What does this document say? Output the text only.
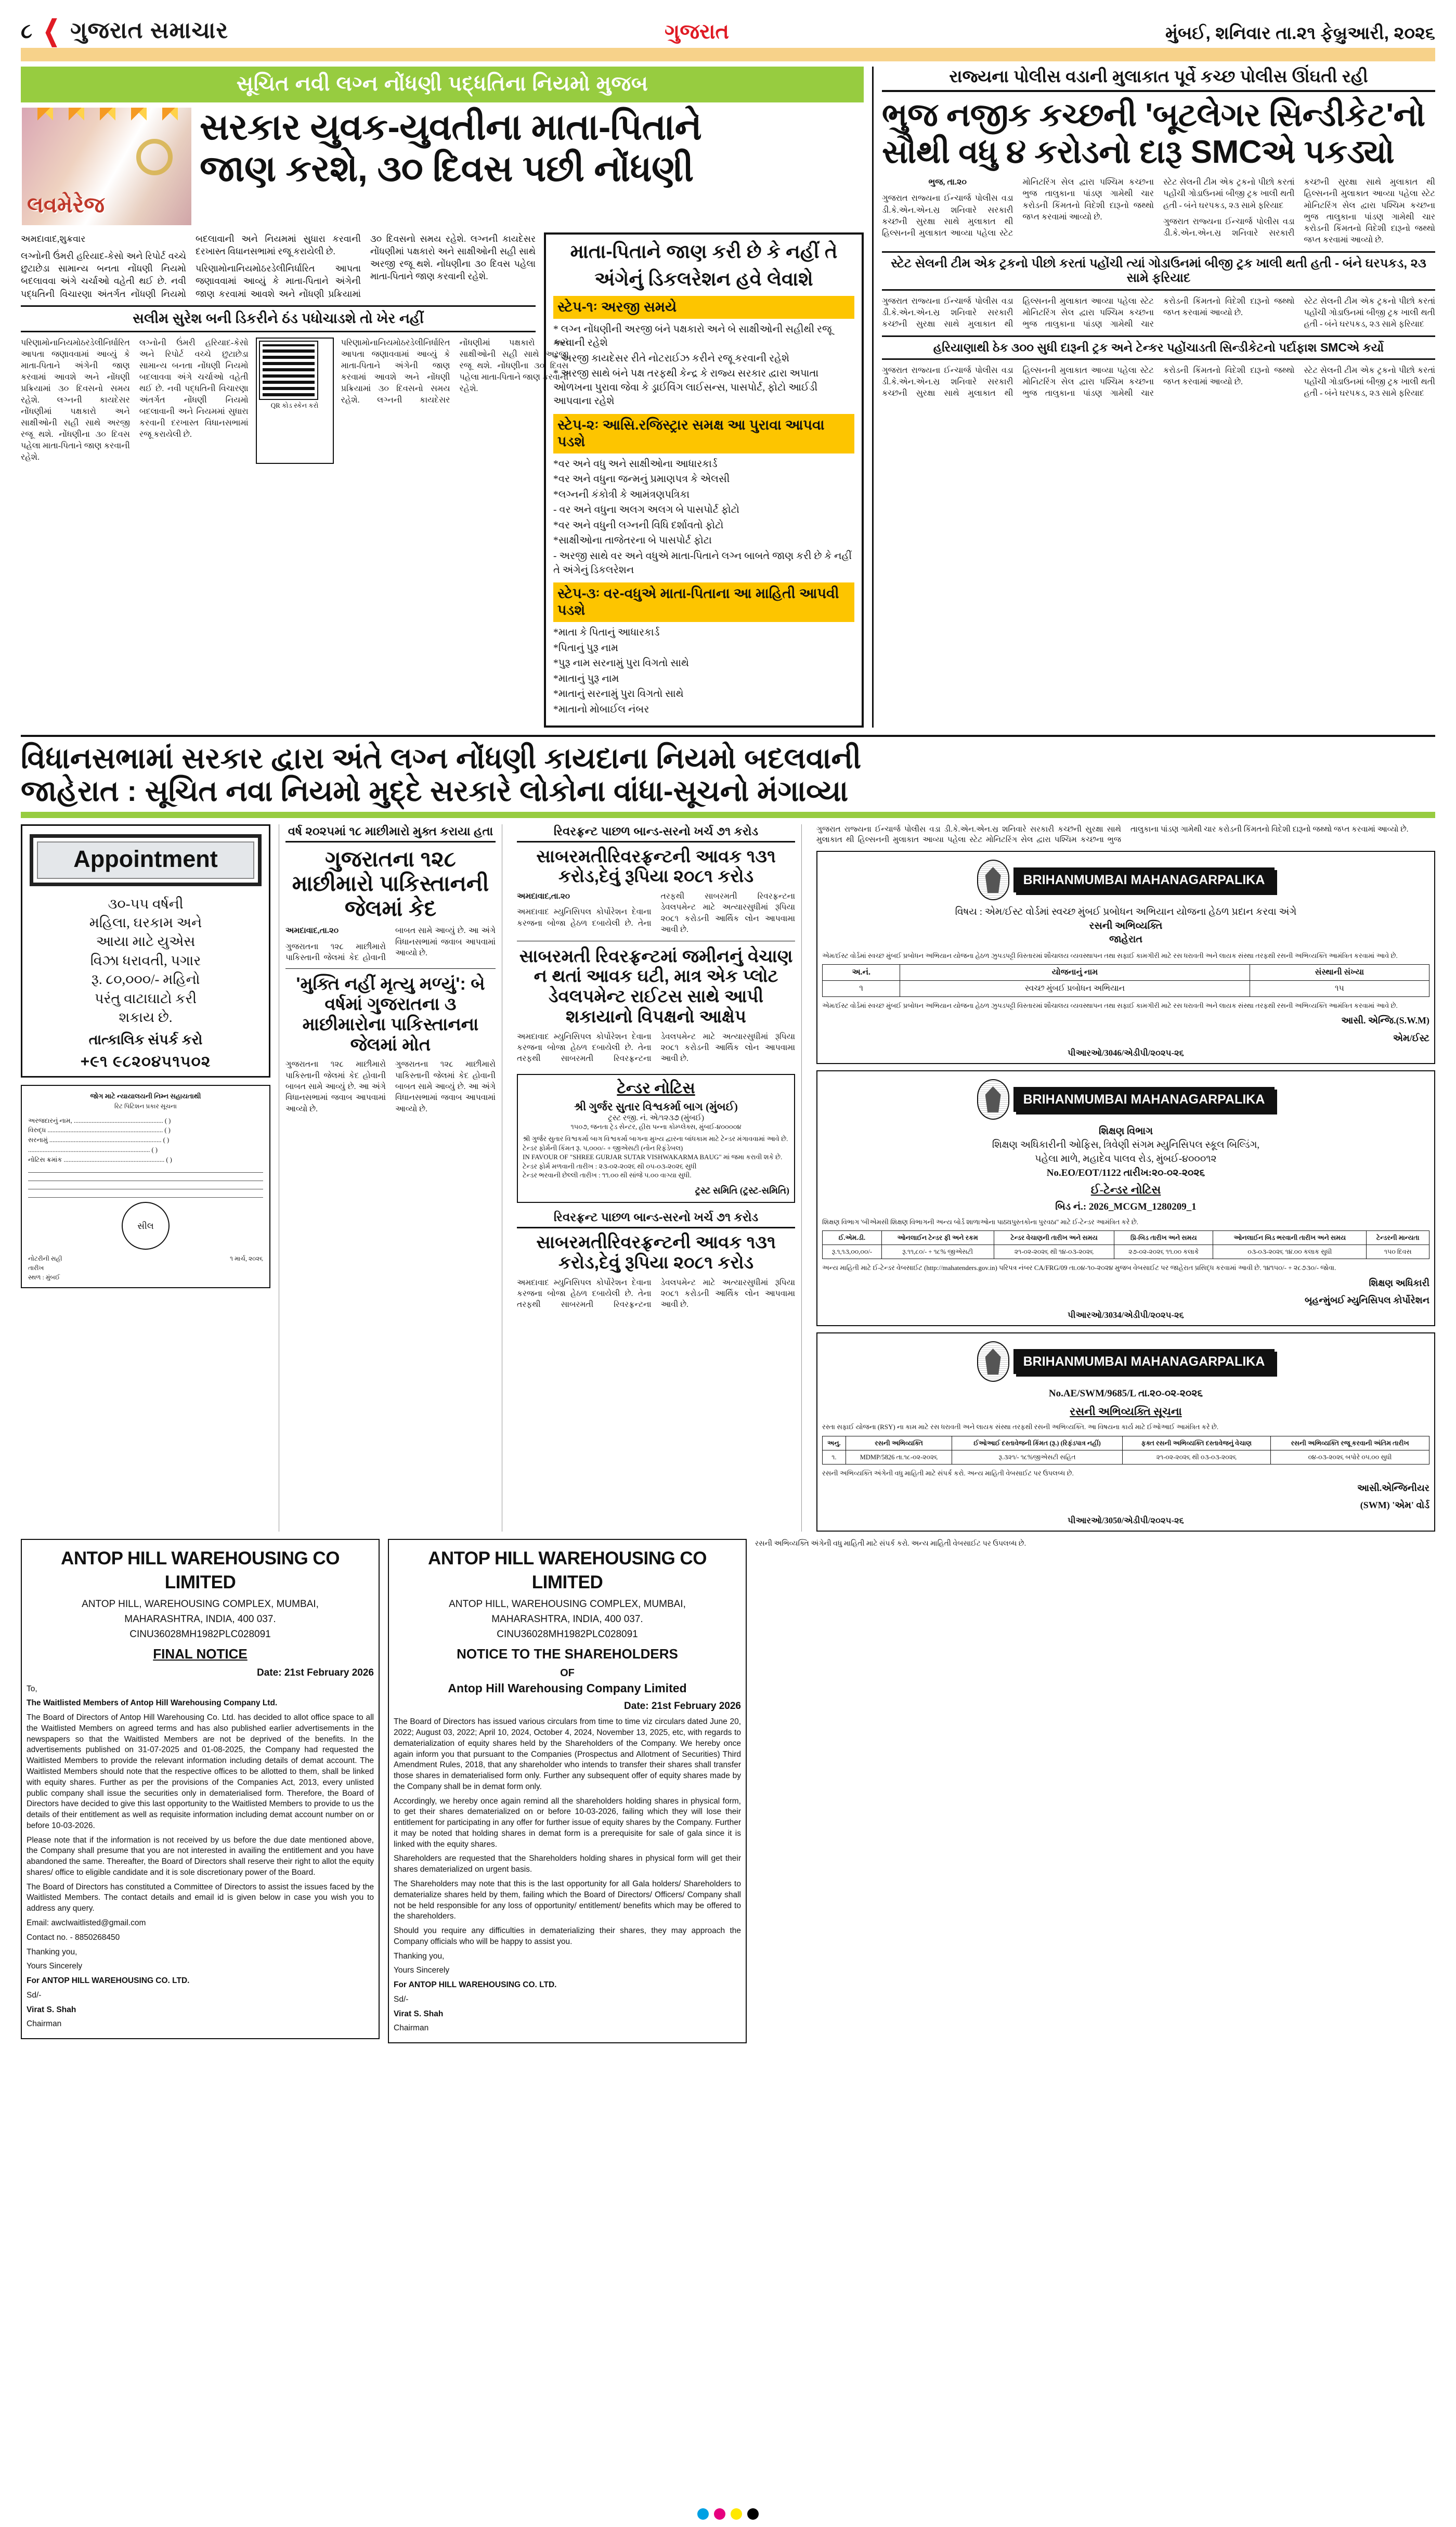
૮ ❮ ગુજરાત સમાચાર	ગુજરાત	મુંબઈ, શનિવાર તા.૨૧ ફેબ્રુઆરી, ૨૦૨૬
સૂચિત નવી લગ્ન નોંધણી પદ્ધતિના નિયમો મુજબ
લવમેરેજ
સરકાર યુવક-યુવતીના માતા-પિતાને
જાણ કરશે, ૩૦ દિવસ પછી નોંધણી

અમદાવાદ,શુક્રવાર

લગ્નોની ઉંમરી હરિયાદ-કેસો અને રિપોર્ટ વચ્ચે છુટાછેડા સામાન્ય બનતા નોંધણી નિયમો બદલાવવા અંગે ચર્ચાઓ વહેતી થઈ છે. નવી પદ્ધતિની વિચારણા અંતર્ગત નોંધણી નિયમો બદલાવાની અને નિયમમાં સુધારા કરવાની દરખાસ્ત વિધાનસભામાં રજૂ કરાયેલી છે.

પરિણામોનાનિયમોઠરડેલીનિર્ધારિત આપતા જણાવવામાં આવ્યું કે માતા-પિતાને અંગેની જાણ કરવામાં આવશે અને નોંધણી પ્રક્રિયામાં ૩૦ દિવસનો સમય રહેશે. લગ્નની કાયદેસર નોંધણીમાં પક્ષકારો અને સાક્ષીઓની સહી સાથે અરજી રજૂ થશે. નોંધણીના ૩૦ દિવસ પહેલા માતા-પિતાને જાણ કરવાની રહેશે.

સલીમ સુરેશ બની ડિકરીને ઠંડ પધોચાડશે તો ખેર નહીં

પરિણામોનાનિયમોઠરડેલીનિર્ધારિત આપતા જણાવવામાં આવ્યું કે માતા-પિતાને અંગેની જાણ કરવામાં આવશે અને નોંધણી પ્રક્રિયામાં ૩૦ દિવસનો સમય રહેશે. લગ્નની કાયદેસર નોંધણીમાં પક્ષકારો અને સાક્ષીઓની સહી સાથે અરજી રજૂ થશે. નોંધણીના ૩૦ દિવસ પહેલા માતા-પિતાને જાણ કરવાની રહેશે.

લગ્નોની ઉંમરી હરિયાદ-કેસો અને રિપોર્ટ વચ્ચે છુટાછેડા સામાન્ય બનતા નોંધણી નિયમો બદલાવવા અંગે ચર્ચાઓ વહેતી થઈ છે. નવી પદ્ધતિની વિચારણા અંતર્ગત નોંધણી નિયમો બદલાવાની અને નિયમમાં સુધારા કરવાની દરખાસ્ત વિધાનસભામાં રજૂ કરાયેલી છે.

QR કોડ સ્કેન કરો

પરિણામોનાનિયમોઠરડેલીનિર્ધારિત આપતા જણાવવામાં આવ્યું કે માતા-પિતાને અંગેની જાણ કરવામાં આવશે અને નોંધણી પ્રક્રિયામાં ૩૦ દિવસનો સમય રહેશે. લગ્નની કાયદેસર નોંધણીમાં પક્ષકારો અને સાક્ષીઓની સહી સાથે અરજી રજૂ થશે. નોંધણીના ૩૦ દિવસ પહેલા માતા-પિતાને જાણ કરવાની રહેશે.

માતા-પિતાને જાણ કરી છે કે નહીં તે
અંગેનું ડિકલરેશન હવે લેવાશે
સ્ટેપ-૧ઃ અરજી સમયે
* લગ્ન નોંધણીની અરજી બંને પક્ષકારો અને બે સાક્ષીઓની સહીથી રજૂ કરવાની રહેશે
* અરજી કાયદેસર રીતે નોટરાઈઝ કરીને રજૂ કરવાની રહેશે
* અરજી સાથે બંને પક્ષ તરફથી કેન્દ્ર કે રાજ્ય સરકાર દ્વારા અપાતા ઓળખના પુરાવા જેવા કે ડ્રાઈવિંગ લાઈસન્સ, પાસપોર્ટ, ફોટો આઈડી આપવાના રહેશે
સ્ટેપ-૨ઃ આસિ.રજિસ્ટ્રાર સમક્ષ આ પુરાવા આપવા પડશે
*વર અને વધુ અને સાક્ષીઓના આધારકાર્ડ
*વર અને વધુના જન્મનું પ્રમાણપત્ર કે એલસી
*લગ્નની કંકોત્રી કે આમંત્રણપત્રિકા
- વર અને વધુના અલગ અલગ બે પાસપોર્ટ ફોટો
*વર અને વધુની લગ્નની વિધિ દર્શાવતો ફોટો
*સાક્ષીઓના તાજેતરના બે પાસપોર્ટ ફોટા
- અરજી સાથે વર અને વધુએ માતા-પિતાને લગ્ન બાબતે જાણ કરી છે કે નહીં તે અંગેનું ડિકલરેશન
સ્ટેપ-૩ઃ વર-વધુએ માતા-પિતાના આ માહિતી આપવી પડશે
*માતા કે પિતાનું આધારકાર્ડ
*પિતાનું પુરૂ નામ
*પુરૂ નામ સરનામું પુરા વિગતો સાથે
*માતાનું પુરૂ નામ
*માતાનું સરનામું પુરા વિગતો સાથે
*માતાનો મોબાઈલ નંબર
રાજ્યના પોલીસ વડાની મુલાકાત પૂર્વે કચ્છ પોલીસ ઊંઘતી રહી
ભુજ નજીક કચ્છની 'બૂટલેગર સિન્ડીકેટ'નો
સૌથી વધુ ૪ કરોડનો દારૂ SMCએ પકડ્યો

ભુજ, તા.૨૦

ગુજરાત રાજ્યના ઈન્ચાર્જ પોલીસ વડા ડી.કે.એન.એન.સ્ર શનિવારે સરકારી કચ્છની સુરક્ષા સાથે મુલાકાત થી હિલ્સનની મુલાકાત આવ્યા પહેલા સ્ટેટ મોનિટરિંગ સેલ દ્વારા પશ્ચિમ કચ્છના ભુજ તાલુકાના પાંડણ ગામેથી ચાર કરોડની કિંમતનો વિદેશી દારૂનો જથ્થો જપ્ત કરવામાં આવ્યો છે.

સ્ટેટ સેલની ટીમ એક ટ્રકનો પીછો કરતાં પહોંચી ગોડાઉનમાં બીજી ટ્રક ખાલી થતી હતી - બંને ઘરપકડ, ૨૩ સામે ફરિયાદ

ગુજરાત રાજ્યના ઈન્ચાર્જ પોલીસ વડા ડી.કે.એન.એન.સ્ર શનિવારે સરકારી કચ્છની સુરક્ષા સાથે મુલાકાત થી હિલ્સનની મુલાકાત આવ્યા પહેલા સ્ટેટ મોનિટરિંગ સેલ દ્વારા પશ્ચિમ કચ્છના ભુજ તાલુકાના પાંડણ ગામેથી ચાર કરોડની કિંમતનો વિદેશી દારૂનો જથ્થો જપ્ત કરવામાં આવ્યો છે.

સ્ટેટ સેલની ટીમ એક ટ્રકનો પીછો કરતાં પહોંચી ત્યાં ગોડાઉનમાં બીજી ટ્રક ખાલી થતી હતી - બંને ઘરપકડ, ૨૩ સામે ફરિયાદ

ગુજરાત રાજ્યના ઈન્ચાર્જ પોલીસ વડા ડી.કે.એન.એન.સ્ર શનિવારે સરકારી કચ્છની સુરક્ષા સાથે મુલાકાત થી હિલ્સનની મુલાકાત આવ્યા પહેલા સ્ટેટ મોનિટરિંગ સેલ દ્વારા પશ્ચિમ કચ્છના ભુજ તાલુકાના પાંડણ ગામેથી ચાર કરોડની કિંમતનો વિદેશી દારૂનો જથ્થો જપ્ત કરવામાં આવ્યો છે.

સ્ટેટ સેલની ટીમ એક ટ્રકનો પીછો કરતાં પહોંચી ગોડાઉનમાં બીજી ટ્રક ખાલી થતી હતી - બંને ઘરપકડ, ૨૩ સામે ફરિયાદ

હરિયાણાથી ઠેક ૩૦૦ સુધી દારૂની ટ્રક અને ટેન્કર પહોંચાડતી સિન્ડીકેટનો પર્દાફાશ SMCએ કર્યો

ગુજરાત રાજ્યના ઈન્ચાર્જ પોલીસ વડા ડી.કે.એન.એન.સ્ર શનિવારે સરકારી કચ્છની સુરક્ષા સાથે મુલાકાત થી હિલ્સનની મુલાકાત આવ્યા પહેલા સ્ટેટ મોનિટરિંગ સેલ દ્વારા પશ્ચિમ કચ્છના ભુજ તાલુકાના પાંડણ ગામેથી ચાર કરોડની કિંમતનો વિદેશી દારૂનો જથ્થો જપ્ત કરવામાં આવ્યો છે.

સ્ટેટ સેલની ટીમ એક ટ્રકનો પીછો કરતાં પહોંચી ગોડાઉનમાં બીજી ટ્રક ખાલી થતી હતી - બંને ઘરપકડ, ૨૩ સામે ફરિયાદ

વિધાનસભામાં સરકાર દ્વારા અંતે લગ્ન નોંધણી કાયદાના નિયમો બદલવાની
જાહેરાત : સૂચિત નવા નિયમો મુદ્દે સરકારે લોકોના વાંધા-સૂચનો મંગાવ્યા
Appointment
૩૦-૫૫ વર્ષની
મહિલા, ઘરકામ અને
આયા માટે યુએસ
વિઝા ધરાવતી, પગાર
રૂ. ૮૦,૦૦૦/- મહિનો
પરંતુ વાટાઘાટો કરી
શકાય છે.
તાત્કાલિક સંપર્ક કરો
+૯૧ ૯૮૨૦૪૫૧૫૦૨
જોગ માટે ન્યાયાલયની નિમ્ન સહાયતાથી
રિટ પિટિશન પ્રકાર સૂચના
અરજદારનું નામ, ....................................................... ( )
વિરુદ્ધ ....................................................................... ( )
સરનામું ..................................................................... ( )
........................................................................... ( )
નોટિસ ક્રમાંક .............................................................. ( )
સીલ
નોટરીની સહી	૧ માર્ચ, ૨૦૨૬
તારીખ
સ્થળ : મુંબઈ
વર્ષ ૨૦૨૫માં ૧૮ માછીમારો મુક્ત કરાયા હતા
ગુજરાતના ૧૨૮ માછીમારો પાકિસ્તાનની જેલમાં કેદ

અમદાવાદ,તા.૨૦

ગુજરાતના ૧૨૮ માછીમારો પાકિસ્તાની જેલમાં કેદ હોવાની બાબત સામે આવ્યું છે. આ અંગે વિધાનસભામાં જવાબ આપવામાં આવ્યો છે.

'મુક્તિ નહીં મૃત્યુ મળ્યું': બે વર્ષમાં ગુજરાતના ૩ માછીમારોના પાકિસ્તાનના જેલમાં મોત

ગુજરાતના ૧૨૮ માછીમારો પાકિસ્તાની જેલમાં કેદ હોવાની બાબત સામે આવ્યું છે. આ અંગે વિધાનસભામાં જવાબ આપવામાં આવ્યો છે.

ગુજરાતના ૧૨૮ માછીમારો પાકિસ્તાની જેલમાં કેદ હોવાની બાબત સામે આવ્યું છે. આ અંગે વિધાનસભામાં જવાબ આપવામાં આવ્યો છે.

રિવરફ્રન્ટ પાછળ બાન્ડ-સરનો ખર્ચ ૭૧ કરોડ
સાબરમતીરિવરફ્રન્ટની આવક ૧૩૧ કરોડ,દેવું રૂપિયા ૨૦૮૧ કરોડ

અમદાવાદ,તા.૨૦

અમદાવાદ મ્યુનિસિપલ કોર્પોરેશન દેવાના કરજના બોજા હેઠળ દબાયેલી છે. તેના તરફથી સાબરમતી રિવરફ્રન્ટના ડેવલપમેન્ટ માટે અત્યારસુધીમાં રૂપિયા ૨૦૮૧ કરોડની આર્થિક લોન આપવામા આવી છે.

સાબરમતી રિવરફ્રન્ટમાં જમીનનું વેચાણ ન થતાં આવક ઘટી, માત્ર એક પ્લોટ ડેવલપમેન્ટ રાઈટસ સાથે આપી શકાયાનો વિપક્ષનો આક્ષેપ

અમદાવાદ મ્યુનિસિપલ કોર્પોરેશન દેવાના કરજના બોજા હેઠળ દબાયેલી છે. તેના તરફથી સાબરમતી રિવરફ્રન્ટના ડેવલપમેન્ટ માટે અત્યારસુધીમાં રૂપિયા ૨૦૮૧ કરોડની આર્થિક લોન આપવામા આવી છે.

ટેન્ડર નોટિસ
શ્રી ગુર્જર સુતાર વિશ્વકર્મા બાગ (મુંબઈ)
ટ્રસ્ટ રજી. નં. એ/૧૨૩૭ (મુંબઈ)
૧૫૦૭, જનતા ટ્રેડ સેન્ટર, હીરા પન્ના કોમ્પ્લેક્સ, મુંબઈ-૪૦૦૦૦૪
શ્રી ગુર્જર સુતાર વિશ્વકર્મા બાગ વિશ્વકર્મા બાગના મુખ્ય દ્વારના બાંધકામ માટે ટેન્ડર મંગાવવામાં આવે છે.
ટેન્ડર ફોર્મની કિંમત રૂ. ૫,૦૦૦/- + જીએસટી (નોન રિફંડેબલ)
IN FAVOUR OF "SHREE GURJAR SUTAR VISHWAKARMA BAUG" માં જમા કરાવી શકે છે.
ટેન્ડર ફોર્મ મળવાની તારીખ : ૨૩-૦૨-૨૦૨૬ થી ૦૫-૦૩-૨૦૨૬ સુધી
ટેન્ડર ભરવાની છેલ્લી તારીખ : ૧૧.૦૦ થી સાંજે ૫.૦૦ વાગ્યા સુધી.
ટ્રસ્ટ સમિતિ (ટ્રસ્ટ-સમિતિ)
રિવરફ્રન્ટ પાછળ બાન્ડ-સરનો ખર્ચ ૭૧ કરોડ
સાબરમતીરિવરફ્રન્ટની આવક ૧૩૧ કરોડ,દેવું રૂપિયા ૨૦૮૧ કરોડ

અમદાવાદ મ્યુનિસિપલ કોર્પોરેશન દેવાના કરજના બોજા હેઠળ દબાયેલી છે. તેના તરફથી સાબરમતી રિવરફ્રન્ટના ડેવલપમેન્ટ માટે અત્યારસુધીમાં રૂપિયા ૨૦૮૧ કરોડની આર્થિક લોન આપવામા આવી છે.

ગુજરાત રાજ્યના ઈન્ચાર્જ પોલીસ વડા ડી.કે.એન.એન.સ્ર શનિવારે સરકારી કચ્છની સુરક્ષા સાથે મુલાકાત થી હિલ્સનની મુલાકાત આવ્યા પહેલા સ્ટેટ મોનિટરિંગ સેલ દ્વારા પશ્ચિમ કચ્છના ભુજ તાલુકાના પાંડણ ગામેથી ચાર કરોડની કિંમતનો વિદેશી દારૂનો જથ્થો જપ્ત કરવામાં આવ્યો છે.

BRIHANMUMBAI MAHANAGARPALIKA
વિષય : એમ/ઈસ્ટ વોર્ડમાં સ્વચ્છ મુંબઈ પ્રબોધન અભિયાન યોજના હેઠળ પ્રદાન કરવા અંગે
રસની અભિવ્યક્તિ
જાહેરાત
એમ/ઈસ્ટ વોર્ડમાં સ્વચ્છ મુંબઈ પ્રબોધન અભિયાન યોજના હેઠળ ઝુપડપટ્ટી વિસ્તારમાં શૌચાલય વ્યવસ્થાપન તથા સફાઈ કામગીરી માટે રસ ધરાવતી અને લાયક સંસ્થા તરફથી રસની અભિવ્યક્તિ આમંત્રિત કરવામાં આવે છે.
અ.નં.	યોજનાનું નામ	સંસ્થાની સંખ્યા
૧	સ્વચ્છ મુંબઈ પ્રબોધન અભિયાન	૧૫
એમ/ઈસ્ટ વોર્ડમાં સ્વચ્છ મુંબઈ પ્રબોધન અભિયાન યોજના હેઠળ ઝુપડપટ્ટી વિસ્તારમાં શૌચાલય વ્યવસ્થાપન તથા સફાઈ કામગીરી માટે રસ ધરાવતી અને લાયક સંસ્થા તરફથી રસની અભિવ્યક્તિ આમંત્રિત કરવામાં આવે છે.
આસી. એન્જિ.(S.W.M)
એમ/ઈસ્ટ
પીઆરઓ/3046/એડીપી/૨૦૨૫-૨૬
BRIHANMUMBAI MAHANAGARPALIKA
શિક્ષણ વિભાગ
શિક્ષણ અધિકારીની ઓફિસ, ત્રિવેણી સંગમ મ્યુનિસિપલ સ્કૂલ બિલ્ડિંગ,
પહેલા માળે, મહાદેવ પાલવ રોડ, મુંબઈ-૪૦૦૦૧૨
No.EO/EOT/1122 તારીખ:૨૦-૦૨-૨૦૨૬
ઈ-ટેન્ડર નોટિસ
બિડ નં.: 2026_MCGM_1280209_1
શિક્ષણ વિભાગ 'બીએમસી શિક્ષણ વિભાગની અન્ય બોર્ડ શાળાઓના પાઠ્યપુસ્તકોના પુરવઠા'' માટે ઈ-ટેન્ડર આમંત્રિત કરે છે.
ઈ.એમ.ડી.	ઓનલાઈન ટેન્ડર ફી અને રકમ	ટેન્ડર વેચાણની તારીખ અને સમય	પ્રિ-બિડ તારીખ અને સમય	ઓનલાઈન બિડ ભરવાની તારીખ અને સમય	ટેન્ડરની માન્યતા
રૂ.૧,૧૩,૦૦,૦૦/-	રૂ.૧૧,૮૦/- + ૧૮% જીએસટી	૨૧-૦૨-૨૦૨૬ થી ૧૪-૦૩-૨૦૨૬	૨૭-૦૨-૨૦૨૬ ૧૧.૦૦ કલાકે	૦૩-૦૩-૨૦૨૬ ૧૪.૦૦ કલાક સુધી	૧૫૦ દિવસ
અન્ય માહિતી માટે ઈ-ટેન્ડર વેબસાઈટ (http://mahatenders.gov.in) પરિપત્ર નંબર CA/FRG/09 તા.૦૪-૧૦-૨૦૨૪ મુજબ વેબસાઈટ પર જાહેરાત પ્રસિદ્ધ કરવામાં આવી છે. ૧૪૧૫૦/- + ૨૮૭૩૦/- જોવા.
શિક્ષણ અધિકારી
બૃહન્મુંબઈ મ્યુનિસિપલ કોર્પોરેશન
પીઆરઓ/3034/એડીપી/૨૦૨૫-૨૬
BRIHANMUMBAI MAHANAGARPALIKA
No.AE/SWM/9685/L તા.૨૦-૦૨-૨૦૨૬
રસની અભિવ્યક્તિ સૂચના
રસ્તા સફાઈ યોજના (RSY) ના કામ માટે રસ ધરાવતી અને લાયક સંસ્થા તરફથી રસની અભિવ્યક્તિ. આ વિષયના કાર્ય માટે ઈઓઆઈ આમંત્રિત કરે છે.
અનુ.	રસની અભિવ્યક્તિ	ઈઓઆઈ દસ્તાવેજની કિંમત (રૂ.) (રિફંડપાત્ર નહીં)	ફક્ત રસની અભિવ્યક્તિ દસ્તાવેજનું વેચાણ	રસની અભિવ્યક્તિ રજૂ કરવાની અંતિમ તારીખ
૧.	MDMP/5826 તા.૧૮-૦૨-૨૦૨૬	રૂ.૩૨૧/- ૧૮%જીએસટી સહિત	૨૧-૦૨-૨૦૨૬ થી ૦૩-૦૩-૨૦૨૬	૦૪-૦૩-૨૦૨૬ બપોરે ૦૫.૦૦ સુધી
રસની અભિવ્યક્તિ અંગેની વધુ માહિતી માટે સંપર્ક કરો. અન્ય માહિતી વેબસાઈટ પર ઉપલબ્ધ છે.
આસી.એન્જિનીયર
(SWM) 'એમ' વોર્ડ
પીઆરઓ/3050/એડીપી/૨૦૨૫-૨૬
ANTOP HILL WAREHOUSING CO LIMITED
ANTOP HILL, WAREHOUSING COMPLEX, MUMBAI,
MAHARASHTRA, INDIA, 400 037.
CINU36028MH1982PLC028091
FINAL NOTICE
Date: 21st February 2026

To,

The Waitlisted Members of Antop Hill Warehousing Company Ltd.

The Board of Directors of Antop Hill Warehousing Co. Ltd. has decided to allot office space to all the Waitlisted Members on agreed terms and has also published earlier advertisements in the newspapers so that the Waitlisted Members are not be deprived of the benefits. In the advertisements published on 31-07-2025 and 01-08-2025, the Company had requested the Waitlisted Members to provide the relevant information including details of demat account. The Waitlisted Members should note that the respective offices to be allotted to them, shall be linked with equity shares. Further as per the provisions of the Companies Act, 2013, every unlisted public company shall issue the securities only in dematerialised form. Therefore, the Board of Directors have decided to give this last opportunity to the Waitlisted Members to provide to us the details of their entitlement as well as requisite information including demat account number on or before 10-03-2026.

Please note that if the information is not received by us before the due date mentioned above, the Company shall presume that you are not interested in availing the entitlement and you have abandoned the same. Thereafter, the Board of Directors shall reserve their right to allot the equity shares/ office to eligible candidate and it is sole discretionary power of the Board.

The Board of Directors has constituted a Committee of Directors to assist the issues faced by the Waitlisted Members. The contact details and email id is given below in case you wish you to address any query.

Email: awcIwaitlisted@gmail.com

Contact no. - 8850268450

Thanking you,

Yours Sincerely

For ANTOP HILL WAREHOUSING CO. LTD.

Sd/-

Virat S. Shah

Chairman

ANTOP HILL WAREHOUSING CO LIMITED
ANTOP HILL, WAREHOUSING COMPLEX, MUMBAI,
MAHARASHTRA, INDIA, 400 037.
CINU36028MH1982PLC028091
NOTICE TO THE SHAREHOLDERS
OF
Antop Hill Warehousing Company Limited
Date: 21st February 2026

The Board of Directors has issued various circulars from time to time viz circulars dated June 20, 2022; August 03, 2022; April 10, 2024, October 4, 2024, November 13, 2025, etc, with regards to dematerialization of equity shares held by the Shareholders of the Company. We hereby once again inform you that pursuant to the Companies (Prospectus and Allotment of Securities) Third Amendment Rules, 2018, that any shareholder who intends to transfer their shares shall transfer those shares in dematerialised form only. Further any subsequent offer of equity shares made by the Company shall be in demat form only.

Accordingly, we hereby once again remind all the shareholders holding shares in physical form, to get their shares dematerialized on or before 10-03-2026, failing which they will lose their entitlement for participating in any offer for further issue of equity shares by the Company. Further it may be noted that holding shares in demat form is a prerequisite for sale of gala since it is linked with the equity shares.

Shareholders are requested that the Shareholders holding shares in physical form will get their shares dematerialized on urgent basis.

The Shareholders may note that this is the last opportunity for all Gala holders/ Shareholders to dematerialize shares held by them, failing which the Board of Directors/ Officers/ Company shall not be held responsible for any loss of opportunity/ entitlement/ benefits which may be offered to the shareholders.

Should you require any difficulties in dematerializing their shares, they may approach the Company officials who will be happy to assist you.

Thanking you,

Yours Sincerely

For ANTOP HILL WAREHOUSING CO. LTD.

Sd/-

Virat S. Shah

Chairman

રસની અભિવ્યક્તિ અંગેની વધુ માહિતી માટે સંપર્ક કરો. અન્ય માહિતી વેબસાઈટ પર ઉપલબ્ધ છે.
